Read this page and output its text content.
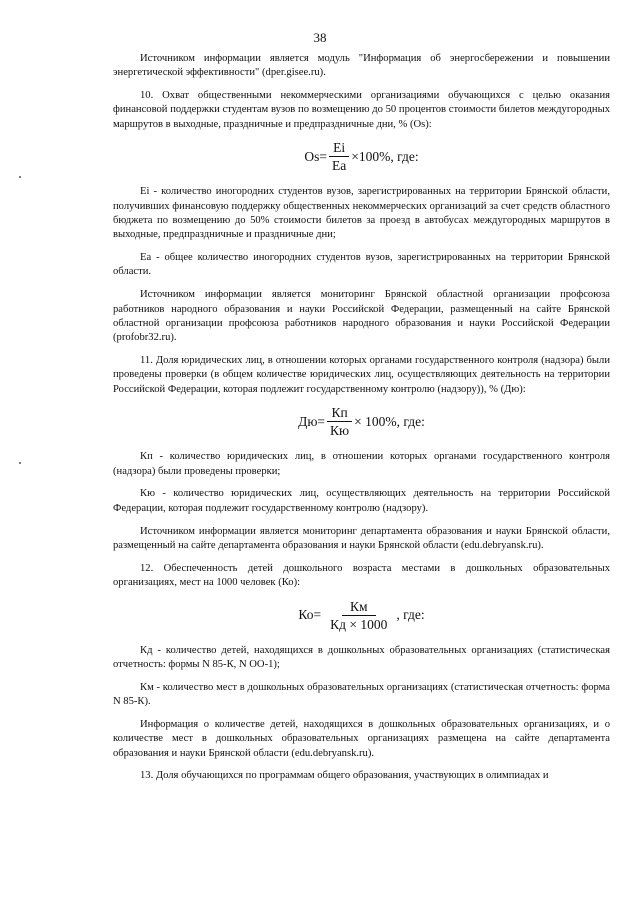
38

Источником информации является модуль "Информация об энергосбережении и повышении энергетической эффективности" (dper.gisee.ru).

10. Охват общественными некоммерческими организациями обучающихся с целью оказания финансовой поддержки студентам вузов по возмещению до 50 процентов стоимости билетов междугородных маршрутов в выходные, праздничные и предпраздничные дни, % (Os):

$Os= \frac{Ei}{Ea} \times 100\%$, где:

Ei - количество иногородних студентов вузов, зарегистрированных на территории Брянской области, получивших финансовую поддержку общественных некоммерческих организаций за счет средств областного бюджета по возмещению до 50% стоимости билетов за проезд в автобусах междугородных маршрутов в выходные, предпраздничные и праздничные дни;

Ea - общее количество иногородних студентов вузов, зарегистрированных на территории Брянской области.

Источником информации является мониторинг Брянской областной организации профсоюза работников народного образования и науки Российской Федерации, размещенный на сайте Брянской областной организации профсоюза работников народного образования и науки Российской Федерации (profobr32.ru).

11. Доля юридических лиц, в отношении которых органами государственного контроля (надзора) были проведены проверки (в общем количестве юридических лиц, осуществляющих деятельность на территории Российской Федерации, которая подлежит государственному контролю (надзору)), % (Дю):

$Дю= \frac{Кп}{Кю} \times 100\%$, где:

Кп - количество юридических лиц, в отношении которых органами государственного контроля (надзора) были проведены проверки;

Кю - количество юридических лиц, осуществляющих деятельность на территории Российской Федерации, которая подлежит государственному контролю (надзору).

Источником информации является мониторинг департамента образования и науки Брянской области, размещенный на сайте департамента образования и науки Брянской области (edu.debryansk.ru).

12. Обеспеченность детей дошкольного возраста местами в дошкольных образовательных организациях, мест на 1000 человек (Ко):

$Ко= \frac{Км}{Кд \times 1000}$ , где:

Кд - количество детей, находящихся в дошкольных образовательных организациях (статистическая отчетность: формы N 85-К, N ОО-1);

Км - количество мест в дошкольных образовательных организациях (статистическая отчетность: форма N 85-К).

Информация о количестве детей, находящихся в дошкольных образовательных организациях, и о количестве мест в дошкольных образовательных организациях размещена на сайте департамента образования и науки Брянской области (edu.debryansk.ru).

13. Доля обучающихся по программам общего образования, участвующих в олимпиадах и
